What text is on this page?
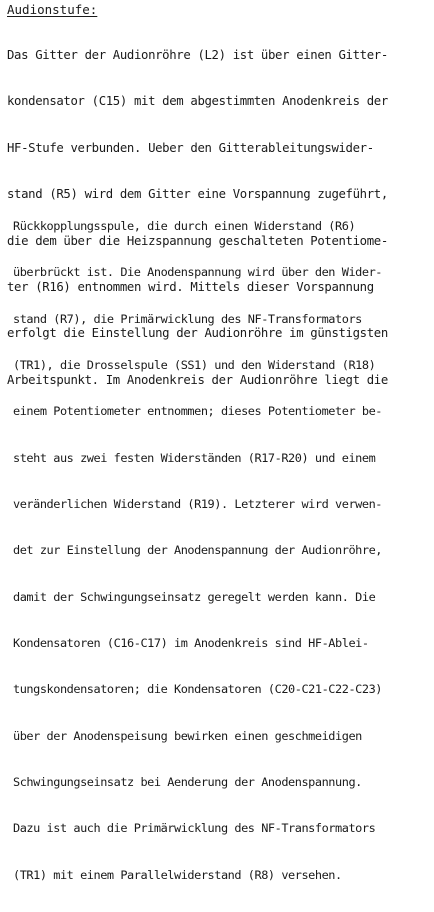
Audionstufe:

Das Gitter der Audionröhre (L2) ist über einen Gitter-

kondensator (C15) mit dem abgestimmten Anodenkreis der

HF-Stufe verbunden. Ueber den Gitterableitungswider-

stand (R5) wird dem Gitter eine Vorspannung zugeführt,

die dem über die Heizspannung geschalteten Potentiome-

ter (R16) entnommen wird. Mittels dieser Vorspannung

erfolgt die Einstellung der Audionröhre im günstigsten

Arbeitspunkt. Im Anodenkreis der Audionröhre liegt die

Rückkopplungsspule, die durch einen Widerstand (R6)

überbrückt ist. Die Anodenspannung wird über den Wider-

stand (R7), die Primärwicklung des NF-Transformators

(TR1), die Drosselspule (SS1) und den Widerstand (R18)

einem Potentiometer entnommen; dieses Potentiometer be-

steht aus zwei festen Widerständen (R17-R20) und einem

veränderlichen Widerstand (R19). Letzterer wird verwen-

det zur Einstellung der Anodenspannung der Audionröhre,

damit der Schwingungseinsatz geregelt werden kann. Die

Kondensatoren (C16-C17) im Anodenkreis sind HF-Ablei-

tungskondensatoren; die Kondensatoren (C20-C21-C22-C23)

über der Anodenspeisung bewirken einen geschmeidigen

Schwingungseinsatz bei Aenderung der Anodenspannung.

Dazu ist auch die Primärwicklung des NF-Transformators

(TR1) mit einem Parallelwiderstand (R8) versehen.
